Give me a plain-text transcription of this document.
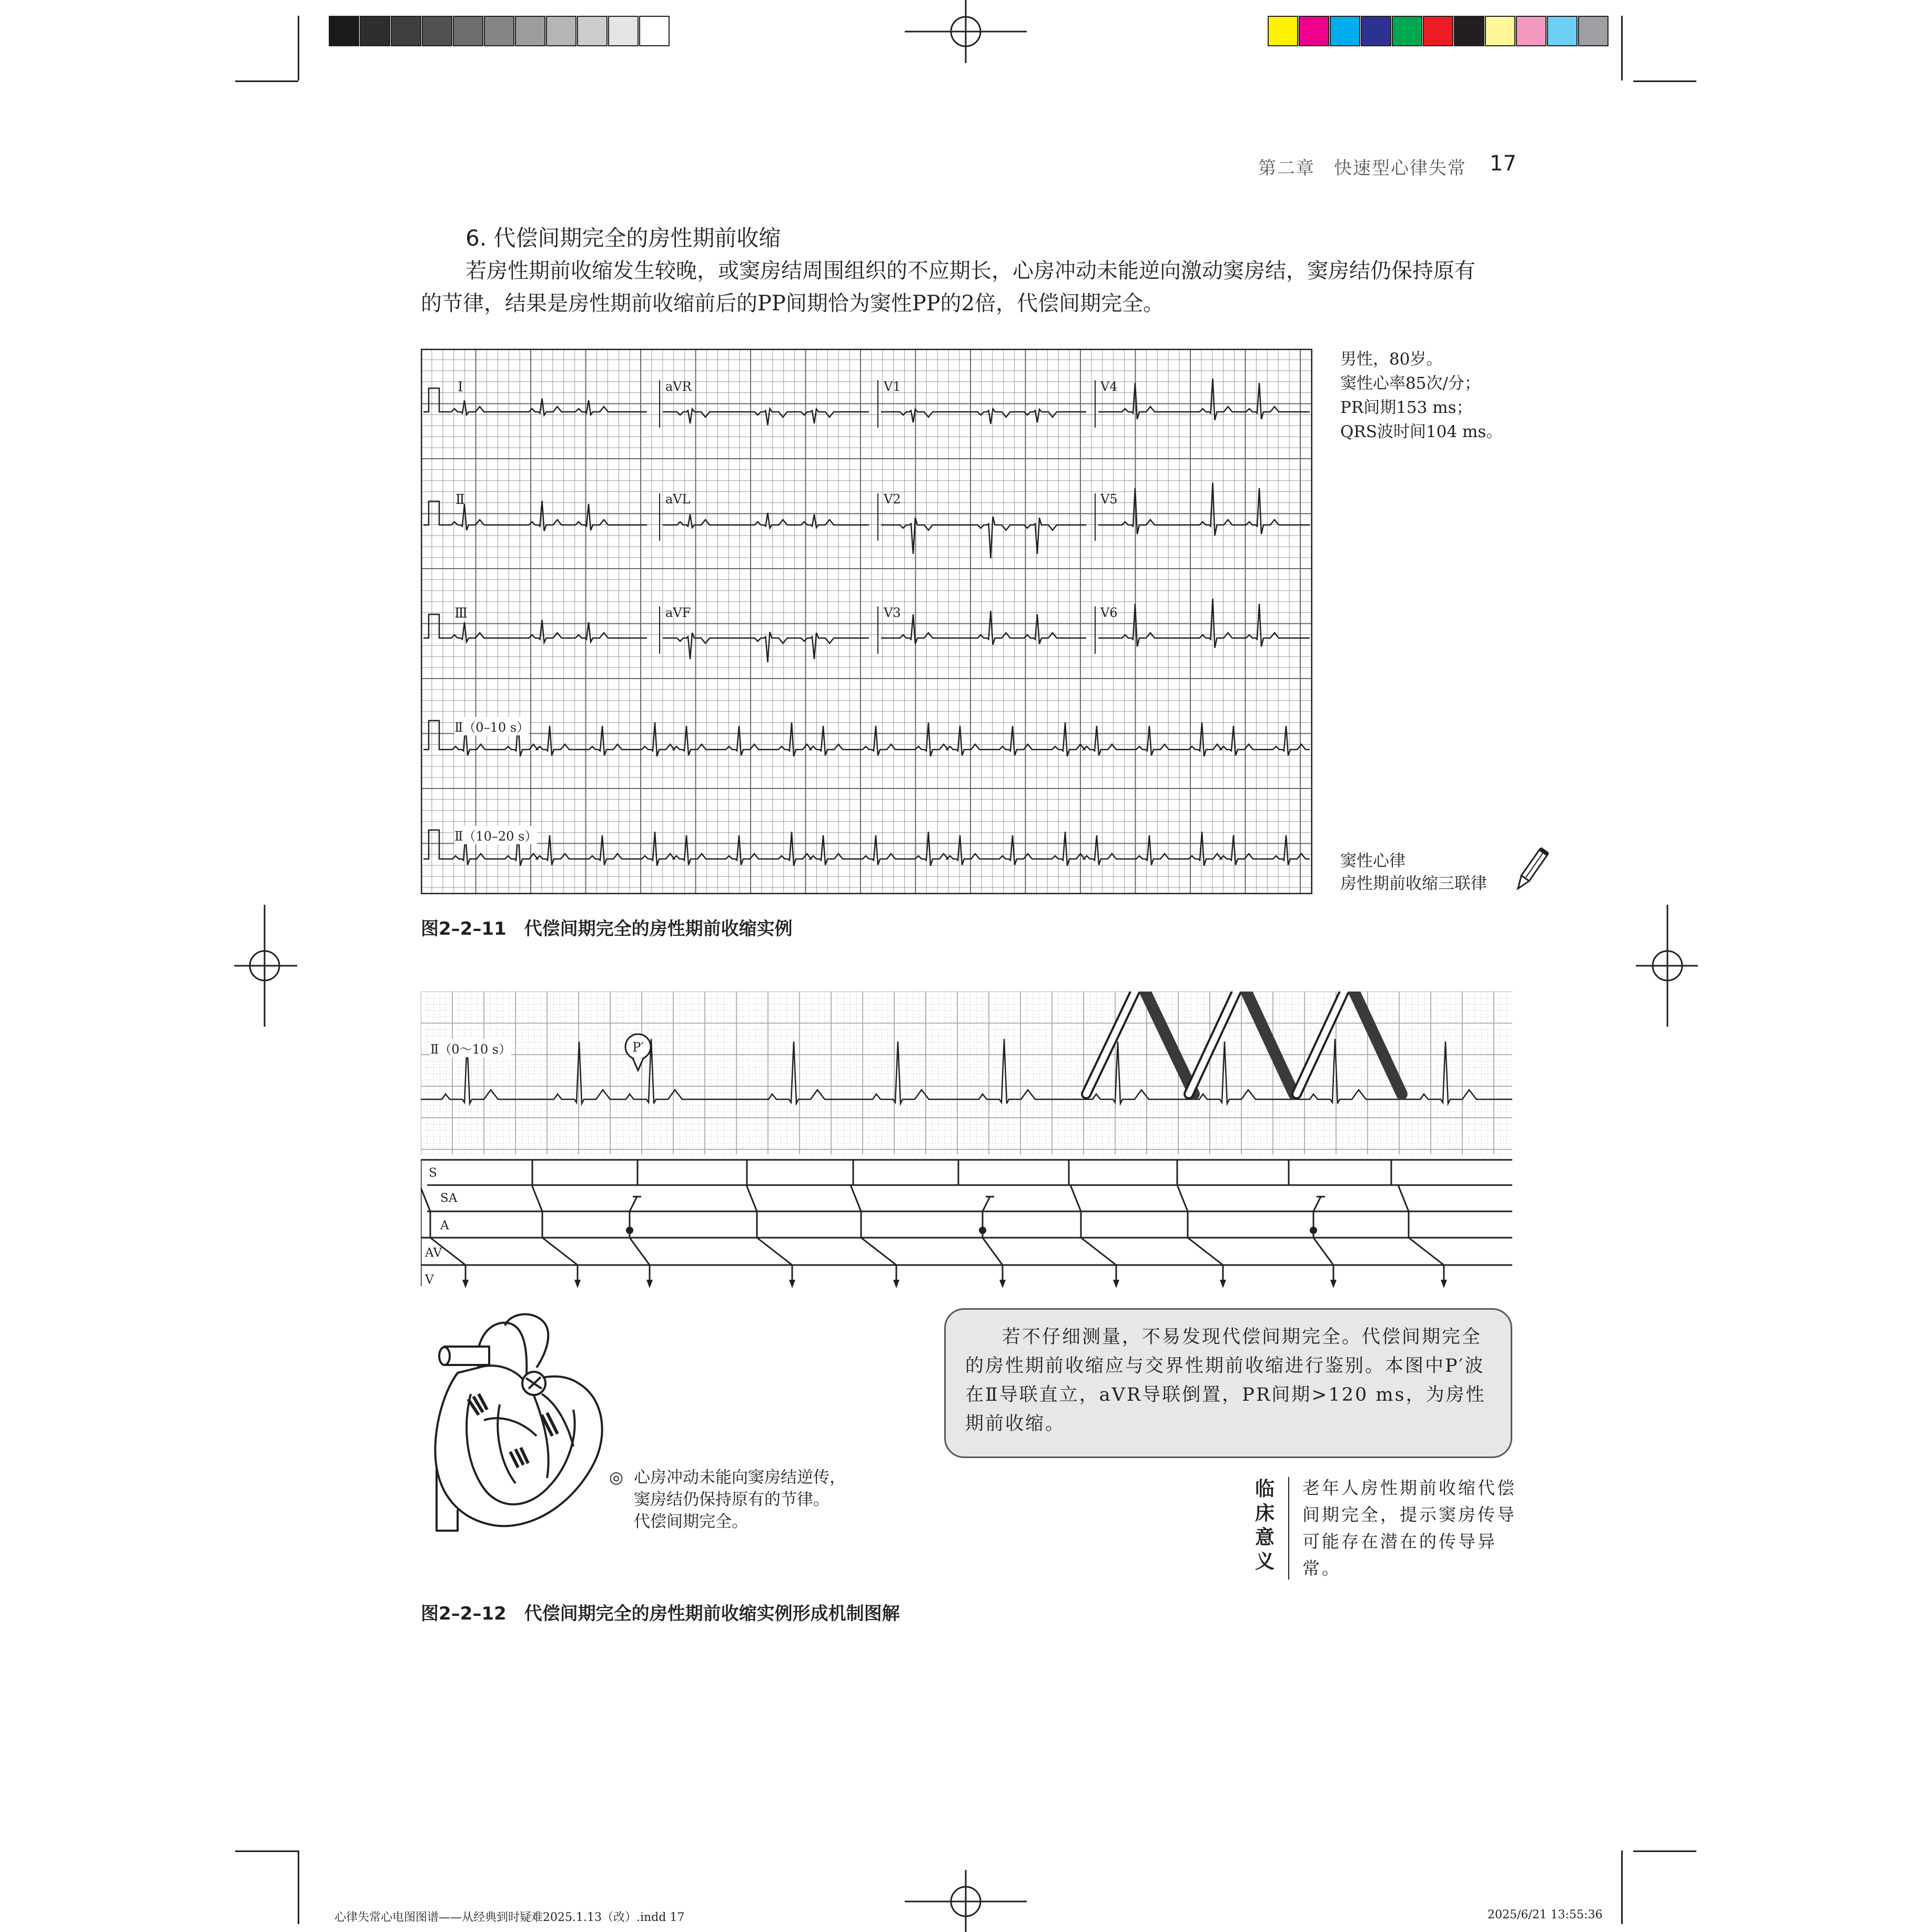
第二章　快速型心律失常 17
6. 代偿间期完全的房性期前收缩
若房性期前收缩发生较晚，或窦房结周围组织的不应期长，心房冲动未能逆向激动窦房结，窦房结仍保持原有
的节律，结果是房性期前收缩前后的PP间期恰为窦性PP的2倍，代偿间期完全。
Ⅰ	aVR	V1	V4
Ⅱ	aVL	V2	V5
Ⅲ	aVF	V3	V6
Ⅱ（0–10 s）
Ⅱ（10–20 s）
男性，80岁。
窦性心率85次/分；
PR间期153 ms；
QRS波时间104 ms。
窦性心律
房性期前收缩三联律
图2–2–11　代偿间期完全的房性期前收缩实例
Ⅱ（0～10 s）
S
SA
A
AV
V
P′
若不仔细测量，不易发现代偿间期完全。代偿间期完全的房性期前收缩应与交界性期前收缩进行鉴别。本图中P′波在Ⅱ导联直立，aVR导联倒置，PR间期>120 ms，为房性期前收缩。
◎ 心房冲动未能向窦房结逆传，
窦房结仍保持原有的节律。
代偿间期完全。
临
床
意
义
老年人房性期前收缩代偿间期完全，提示窦房传导可能存在潜在的传导异常。
图2–2–12　代偿间期完全的房性期前收缩实例形成机制图解
心律失常心电图图谱——从经典到时疑难2025.1.13（改）.indd 17	2025/6/21 13:55:36
